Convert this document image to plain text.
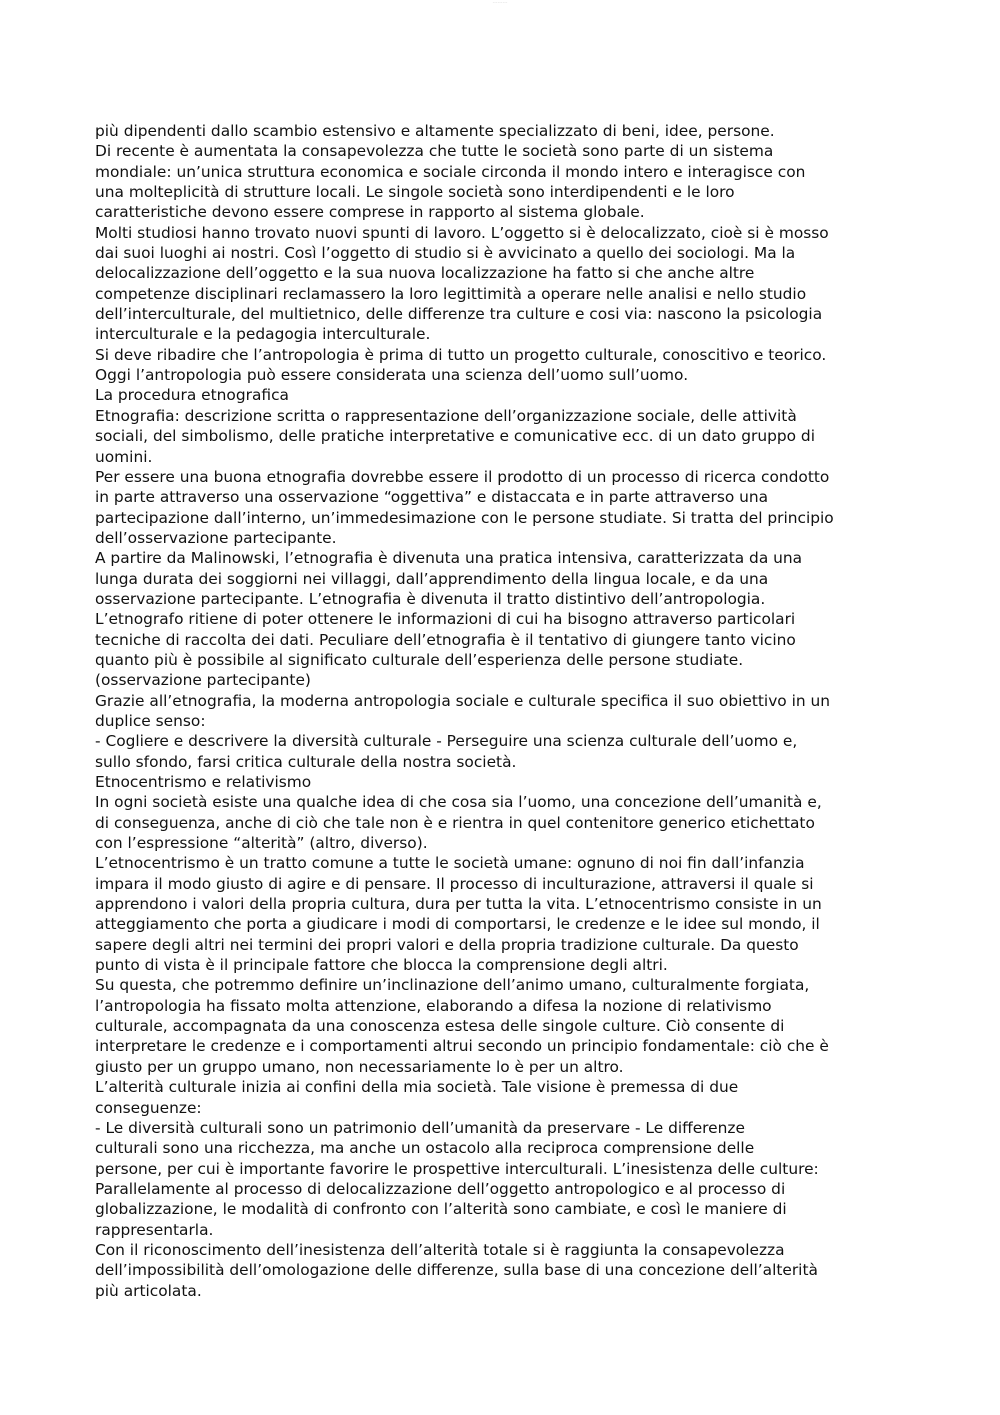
~~~~~~
più dipendenti dallo scambio estensivo e altamente specializzato di beni, idee, persone.
Di recente è aumentata la consapevolezza che tutte le società sono parte di un sistema
mondiale: un’unica struttura economica e sociale circonda il mondo intero e interagisce con
una molteplicità di strutture locali. Le singole società sono interdipendenti e le loro
caratteristiche devono essere comprese in rapporto al sistema globale.
Molti studiosi hanno trovato nuovi spunti di lavoro. L’oggetto si è delocalizzato, cioè si è mosso
dai suoi luoghi ai nostri. Così l’oggetto di studio si è avvicinato a quello dei sociologi. Ma la
delocalizzazione dell’oggetto e la sua nuova localizzazione ha fatto si che anche altre
competenze disciplinari reclamassero la loro legittimità a operare nelle analisi e nello studio
dell’interculturale, del multietnico, delle differenze tra culture e cosi via: nascono la psicologia
interculturale e la pedagogia interculturale.
Si deve ribadire che l’antropologia è prima di tutto un progetto culturale, conoscitivo e teorico.
Oggi l’antropologia può essere considerata una scienza dell’uomo sull’uomo.
La procedura etnografica
Etnografia: descrizione scritta o rappresentazione dell’organizzazione sociale, delle attività
sociali, del simbolismo, delle pratiche interpretative e comunicative ecc. di un dato gruppo di
uomini.
Per essere una buona etnografia dovrebbe essere il prodotto di un processo di ricerca condotto
in parte attraverso una osservazione “oggettiva” e distaccata e in parte attraverso una
partecipazione dall’interno, un’immedesimazione con le persone studiate. Si tratta del principio
dell’osservazione partecipante.
A partire da Malinowski, l’etnografia è divenuta una pratica intensiva, caratterizzata da una
lunga durata dei soggiorni nei villaggi, dall’apprendimento della lingua locale, e da una
osservazione partecipante. L’etnografia è divenuta il tratto distintivo dell’antropologia.
L’etnografo ritiene di poter ottenere le informazioni di cui ha bisogno attraverso particolari
tecniche di raccolta dei dati. Peculiare dell’etnografia è il tentativo di giungere tanto vicino
quanto più è possibile al significato culturale dell’esperienza delle persone studiate.
(osservazione partecipante)
Grazie all’etnografia, la moderna antropologia sociale e culturale specifica il suo obiettivo in un
duplice senso:
- Cogliere e descrivere la diversità culturale - Perseguire una scienza culturale dell’uomo e,
sullo sfondo, farsi critica culturale della nostra società.
Etnocentrismo e relativismo
In ogni società esiste una qualche idea di che cosa sia l’uomo, una concezione dell’umanità e,
di conseguenza, anche di ciò che tale non è e rientra in quel contenitore generico etichettato
con l’espressione “alterità” (altro, diverso).
L’etnocentrismo è un tratto comune a tutte le società umane: ognuno di noi fin dall’infanzia
impara il modo giusto di agire e di pensare. Il processo di inculturazione, attraversi il quale si
apprendono i valori della propria cultura, dura per tutta la vita. L’etnocentrismo consiste in un
atteggiamento che porta a giudicare i modi di comportarsi, le credenze e le idee sul mondo, il
sapere degli altri nei termini dei propri valori e della propria tradizione culturale. Da questo
punto di vista è il principale fattore che blocca la comprensione degli altri.
Su questa, che potremmo definire un’inclinazione dell’animo umano, culturalmente forgiata,
l’antropologia ha fissato molta attenzione, elaborando a difesa la nozione di relativismo
culturale, accompagnata da una conoscenza estesa delle singole culture. Ciò consente di
interpretare le credenze e i comportamenti altrui secondo un principio fondamentale: ciò che è
giusto per un gruppo umano, non necessariamente lo è per un altro.
L’alterità culturale inizia ai confini della mia società. Tale visione è premessa di due
conseguenze:
- Le diversità culturali sono un patrimonio dell’umanità da preservare - Le differenze
culturali sono una ricchezza, ma anche un ostacolo alla reciproca comprensione delle
persone, per cui è importante favorire le prospettive interculturali. L’inesistenza delle culture:
Parallelamente al processo di delocalizzazione dell’oggetto antropologico e al processo di
globalizzazione, le modalità di confronto con l’alterità sono cambiate, e così le maniere di
rappresentarla.
Con il riconoscimento dell’inesistenza dell’alterità totale si è raggiunta la consapevolezza
dell’impossibilità dell’omologazione delle differenze, sulla base di una concezione dell’alterità
più articolata.
